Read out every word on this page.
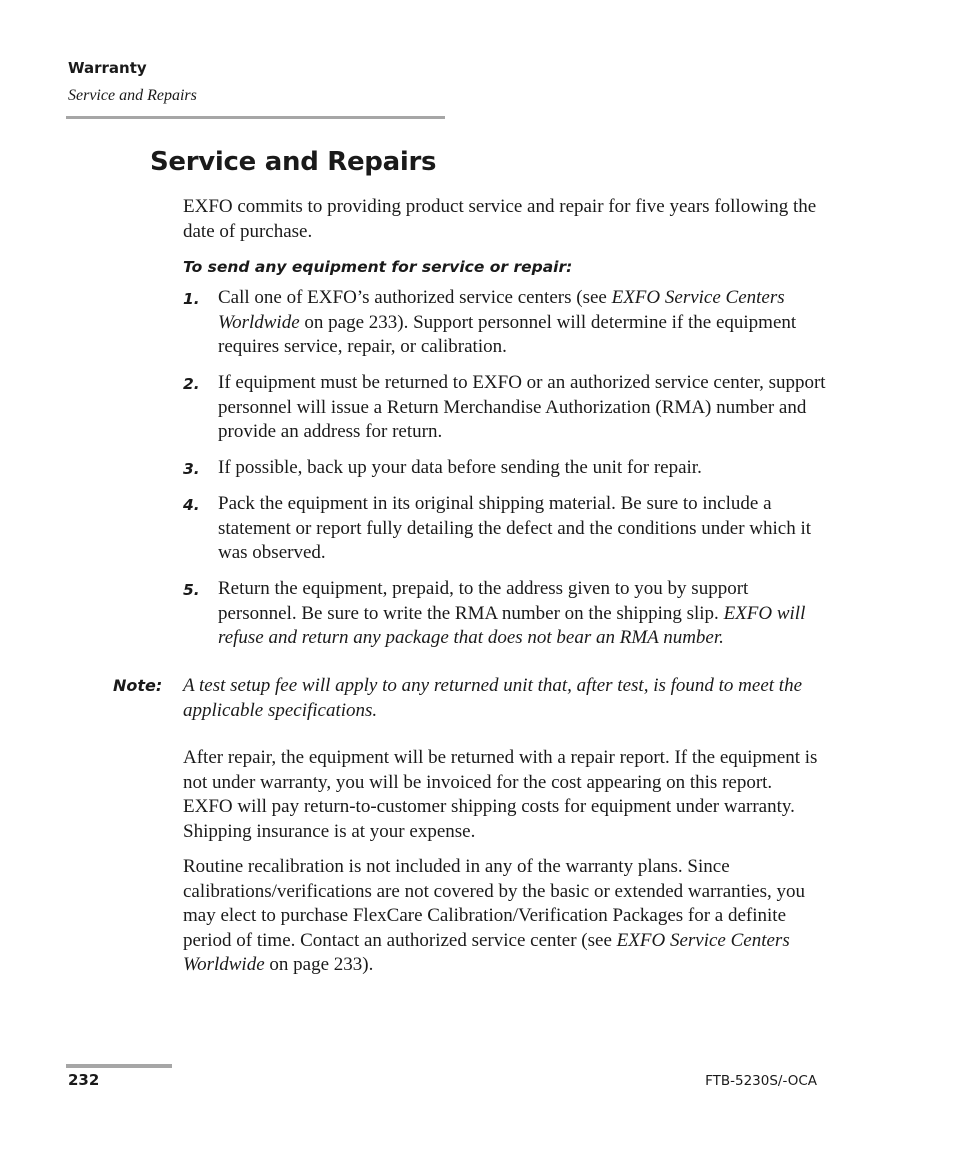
Warranty
Service and Repairs
Service and Repairs

EXFO commits to providing product service and repair for five years following the date of purchase.

To send any equipment for service or repair:

1. Call one of EXFO’s authorized service centers (see EXFO Service Centers Worldwide on page 233). Support personnel will determine if the equipment requires service, repair, or calibration.
2. If equipment must be returned to EXFO or an authorized service center, support personnel will issue a Return Merchandise Authorization (RMA) number and provide an address for return.
3. If possible, back up your data before sending the unit for repair.
4. Pack the equipment in its original shipping material. Be sure to include a statement or report fully detailing the defect and the conditions under which it was observed.
5. Return the equipment, prepaid, to the address given to you by support personnel. Be sure to write the RMA number on the shipping slip. EXFO will refuse and return any package that does not bear an RMA number.
Note: A test setup fee will apply to any returned unit that, after test, is found to meet the applicable specifications.

After repair, the equipment will be returned with a repair report. If the equipment is not under warranty, you will be invoiced for the cost appearing on this report. EXFO will pay return-to-customer shipping costs for equipment under warranty. Shipping insurance is at your expense.

Routine recalibration is not included in any of the warranty plans. Since calibrations/verifications are not covered by the basic or extended warranties, you may elect to purchase FlexCare Calibration/Verification Packages for a definite period of time. Contact an authorized service center (see EXFO Service Centers Worldwide on page 233).

232	FTB-5230S/-OCA
